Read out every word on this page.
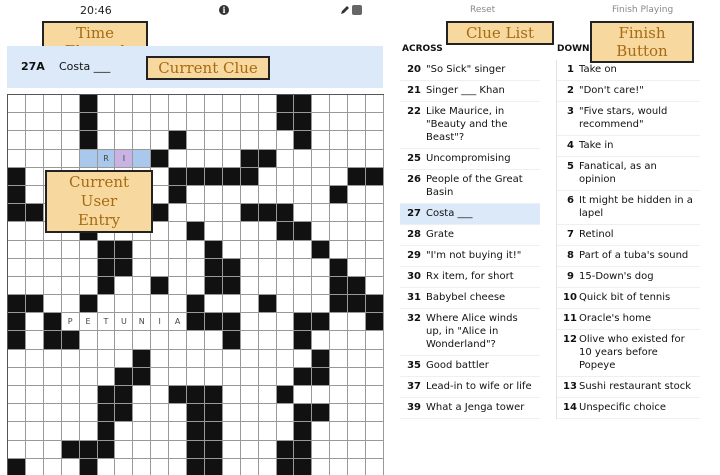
20:46	i	Reset	Finish Playing
Time	Clue List	Finish Button
27A Costa ___	Current Clue
R I
P E T U N I A
Current User
Entry
ACROSS	DOWN
20 "So Sick" singer
21 Singer ___ Khan
22 Like Maurice, in "Beauty and the Beast"?
25 Uncompromising
26 People of the Great Basin
27 Costa ___
28 Grate
29 "I'm not buying it!"
30 Rx item, for short
31 Babybel cheese
32 Where Alice winds up, in "Alice in Wonderland"?
35 Good battler
37 Lead-in to wife or life
39 What a Jenga tower
1 Take on
2 "Don't care!"
3 "Five stars, would recommend"
4 Take in
5 Fanatical, as an opinion
6 It might be hidden in a lapel
7 Retinol
8 Part of a tuba's sound
9 15-Down's dog
10 Quick bit of tennis
11 Oracle's home
12 Olive who existed for 10 years before Popeye
13 Sushi restaurant stock
14 Unspecific choice
